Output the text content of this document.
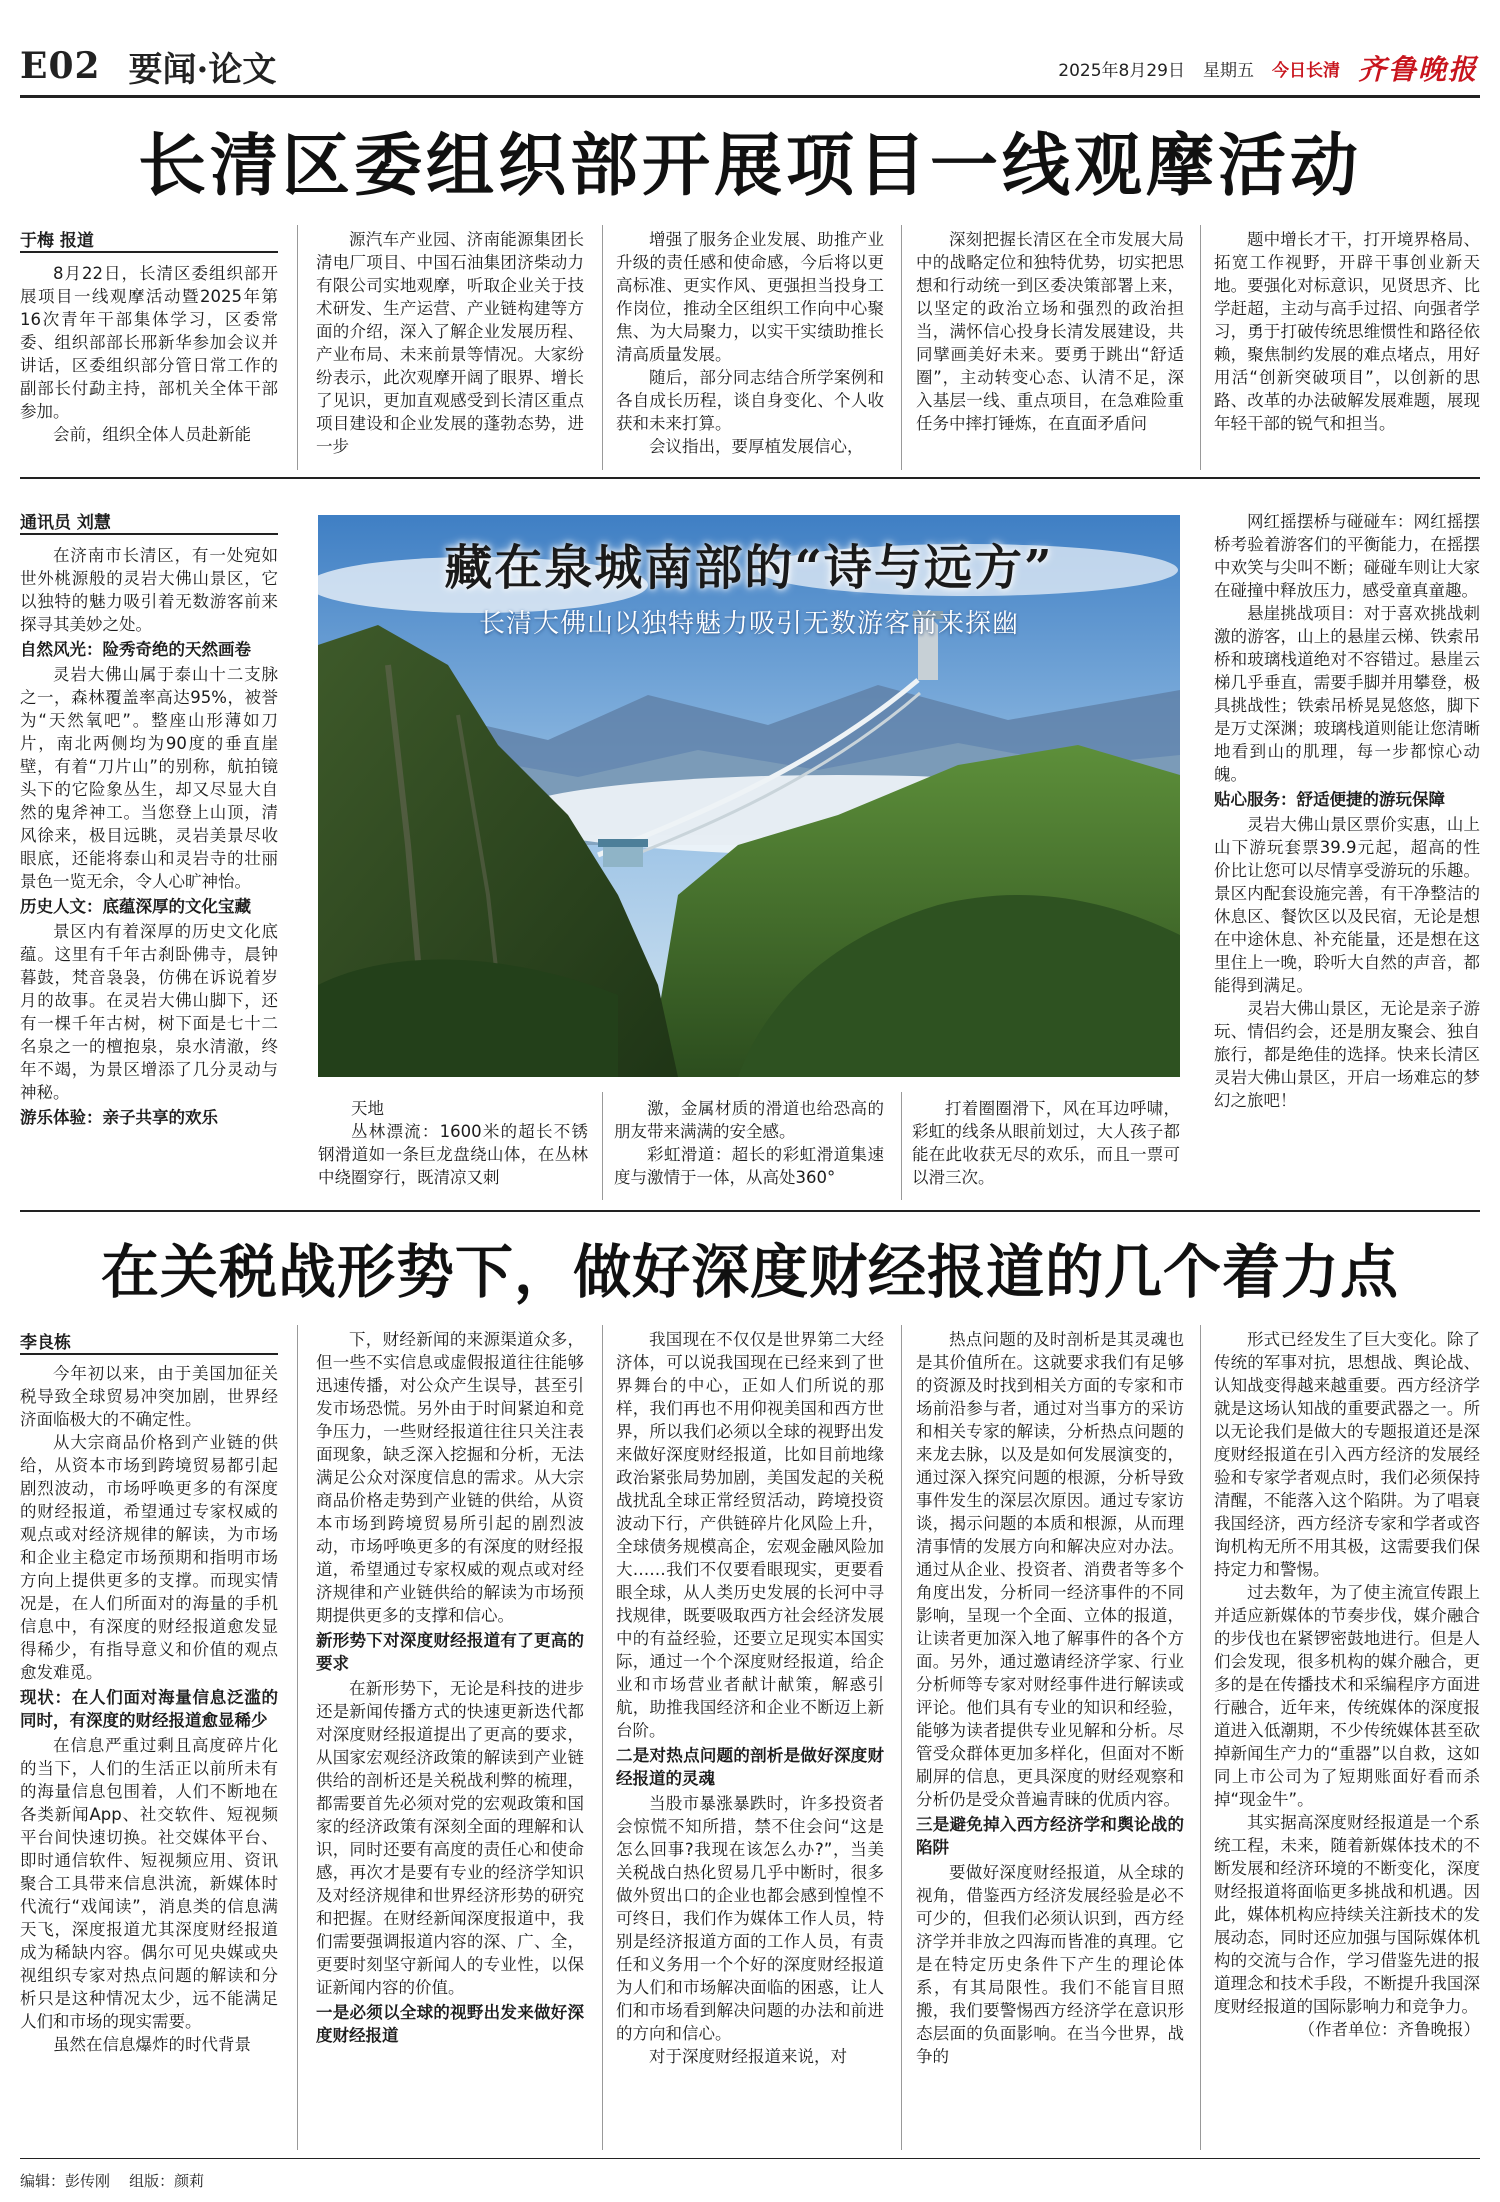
E02 要闻·论文	2025年8月29日 星期五 今日长清 齐鲁晚报
长清区委组织部开展项目一线观摩活动
于梅 报道

8月22日，长清区委组织部开展项目一线观摩活动暨2025年第16次青年干部集体学习，区委常委、组织部部长邢新华参加会议并讲话，区委组织部分管日常工作的副部长付勐主持，部机关全体干部参加。

会前，组织全体人员赴新能

源汽车产业园、济南能源集团长清电厂项目、中国石油集团济柴动力有限公司实地观摩，听取企业关于技术研发、生产运营、产业链构建等方面的介绍，深入了解企业发展历程、产业布局、未来前景等情况。大家纷纷表示，此次观摩开阔了眼界、增长了见识，更加直观感受到长清区重点项目建设和企业发展的蓬勃态势，进一步

增强了服务企业发展、助推产业升级的责任感和使命感，今后将以更高标准、更实作风、更强担当投身工作岗位，推动全区组织工作向中心聚焦、为大局聚力，以实干实绩助推长清高质量发展。

随后，部分同志结合所学案例和各自成长历程，谈自身变化、个人收获和未来打算。

会议指出，要厚植发展信心，

深刻把握长清区在全市发展大局中的战略定位和独特优势，切实把思想和行动统一到区委决策部署上来，以坚定的政治立场和强烈的政治担当，满怀信心投身长清发展建设，共同擘画美好未来。要勇于跳出“舒适圈”，主动转变心态、认清不足，深入基层一线、重点项目，在急难险重任务中摔打锤炼，在直面矛盾问

题中增长才干，打开境界格局、拓宽工作视野，开辟干事创业新天地。要强化对标意识，见贤思齐、比学赶超，主动与高手过招、向强者学习，勇于打破传统思维惯性和路径依赖，聚焦制约发展的难点堵点，用好用活“创新突破项目”，以创新的思路、改革的办法破解发展难题，展现年轻干部的锐气和担当。

通讯员 刘慧

在济南市长清区，有一处宛如世外桃源般的灵岩大佛山景区，它以独特的魅力吸引着无数游客前来探寻其美妙之处。

自然风光：险秀奇绝的天然画卷

灵岩大佛山属于泰山十二支脉之一，森林覆盖率高达95%，被誉为“天然氧吧”。整座山形薄如刀片，南北两侧均为90度的垂直崖壁，有着“刀片山”的别称，航拍镜头下的它险象丛生，却又尽显大自然的鬼斧神工。当您登上山顶，清风徐来，极目远眺，灵岩美景尽收眼底，还能将泰山和灵岩寺的壮丽景色一览无余，令人心旷神怡。

历史人文：底蕴深厚的文化宝藏

景区内有着深厚的历史文化底蕴。这里有千年古刹卧佛寺，晨钟暮鼓，梵音袅袅，仿佛在诉说着岁月的故事。在灵岩大佛山脚下，还有一棵千年古树，树下面是七十二名泉之一的檀抱泉，泉水清澈，终年不竭，为景区增添了几分灵动与神秘。

游乐体验：亲子共享的欢乐

藏在泉城南部的“诗与远方”
长清大佛山以独特魅力吸引无数游客前来探幽

天地

丛林漂流：1600米的超长不锈钢滑道如一条巨龙盘绕山体，在丛林中绕圈穿行，既清凉又刺

激，金属材质的滑道也给恐高的朋友带来满满的安全感。

彩虹滑道：超长的彩虹滑道集速度与激情于一体，从高处360°

打着圈圈滑下，风在耳边呼啸，彩虹的线条从眼前划过，大人孩子都能在此收获无尽的欢乐，而且一票可以滑三次。

网红摇摆桥与碰碰车：网红摇摆桥考验着游客们的平衡能力，在摇摆中欢笑与尖叫不断；碰碰车则让大家在碰撞中释放压力，感受童真童趣。

悬崖挑战项目：对于喜欢挑战刺激的游客，山上的悬崖云梯、铁索吊桥和玻璃栈道绝对不容错过。悬崖云梯几乎垂直，需要手脚并用攀登，极具挑战性；铁索吊桥晃晃悠悠，脚下是万丈深渊；玻璃栈道则能让您清晰地看到山的肌理，每一步都惊心动魄。

贴心服务：舒适便捷的游玩保障

灵岩大佛山景区票价实惠，山上山下游玩套票39.9元起，超高的性价比让您可以尽情享受游玩的乐趣。景区内配套设施完善，有干净整洁的休息区、餐饮区以及民宿，无论是想在中途休息、补充能量，还是想在这里住上一晚，聆听大自然的声音，都能得到满足。

灵岩大佛山景区，无论是亲子游玩、情侣约会，还是朋友聚会、独自旅行，都是绝佳的选择。快来长清区灵岩大佛山景区，开启一场难忘的梦幻之旅吧！

在关税战形势下，做好深度财经报道的几个着力点
李良栋

今年初以来，由于美国加征关税导致全球贸易冲突加剧，世界经济面临极大的不确定性。

从大宗商品价格到产业链的供给，从资本市场到跨境贸易都引起剧烈波动，市场呼唤更多的有深度的财经报道，希望通过专家权威的观点或对经济规律的解读，为市场和企业主稳定市场预期和指明市场方向上提供更多的支撑。而现实情况是，在人们所面对的海量的手机信息中，有深度的财经报道愈发显得稀少，有指导意义和价值的观点愈发难觅。

现状：在人们面对海量信息泛滥的同时，有深度的财经报道愈显稀少

在信息严重过剩且高度碎片化的当下，人们的生活正以前所未有的海量信息包围着，人们不断地在各类新闻App、社交软件、短视频平台间快速切换。社交媒体平台、即时通信软件、短视频应用、资讯聚合工具带来信息洪流，新媒体时代流行“戏闻读”，消息类的信息满天飞，深度报道尤其深度财经报道成为稀缺内容。偶尔可见央媒或央视组织专家对热点问题的解读和分析只是这种情况太少，远不能满足人们和市场的现实需要。

虽然在信息爆炸的时代背景

下，财经新闻的来源渠道众多，但一些不实信息或虚假报道往往能够迅速传播，对公众产生误导，甚至引发市场恐慌。另外由于时间紧迫和竞争压力，一些财经报道往往只关注表面现象，缺乏深入挖掘和分析，无法满足公众对深度信息的需求。从大宗商品价格走势到产业链的供给，从资本市场到跨境贸易所引起的剧烈波动，市场呼唤更多的有深度的财经报道，希望通过专家权威的观点或对经济规律和产业链供给的解读为市场预期提供更多的支撑和信心。

新形势下对深度财经报道有了更高的要求

在新形势下，无论是科技的进步还是新闻传播方式的快速更新迭代都对深度财经报道提出了更高的要求，从国家宏观经济政策的解读到产业链供给的剖析还是关税战利弊的梳理，都需要首先必须对党的宏观政策和国家的经济政策有深刻全面的理解和认识，同时还要有高度的责任心和使命感，再次才是要有专业的经济学知识及对经济规律和世界经济形势的研究和把握。在财经新闻深度报道中，我们需要强调报道内容的深、广、全，更要时刻坚守新闻人的专业性，以保证新闻内容的价值。

一是必须以全球的视野出发来做好深度财经报道

我国现在不仅仅是世界第二大经济体，可以说我国现在已经来到了世界舞台的中心，正如人们所说的那样，我们再也不用仰视美国和西方世界，所以我们必须以全球的视野出发来做好深度财经报道，比如目前地缘政治紧张局势加剧，美国发起的关税战扰乱全球正常经贸活动，跨境投资波动下行，产供链碎片化风险上升，全球债务规模高企，宏观金融风险加大……我们不仅要看眼现实，更要看眼全球，从人类历史发展的长河中寻找规律，既要吸取西方社会经济发展中的有益经验，还要立足现实本国实际，通过一个个深度财经报道，给企业和市场营业者献计献策，解惑引航，助推我国经济和企业不断迈上新台阶。

二是对热点问题的剖析是做好深度财经报道的灵魂

当股市暴涨暴跌时，许多投资者会惊慌不知所措，禁不住会问“这是怎么回事?我现在该怎么办?”，当美关税战白热化贸易几乎中断时，很多做外贸出口的企业也都会感到惶惶不可终日，我们作为媒体工作人员，特别是经济报道方面的工作人员，有责任和义务用一个个好的深度财经报道为人们和市场解决面临的困惑，让人们和市场看到解决问题的办法和前进的方向和信心。

对于深度财经报道来说，对

热点问题的及时剖析是其灵魂也是其价值所在。这就要求我们有足够的资源及时找到相关方面的专家和市场前沿参与者，通过对当事方的采访和相关专家的解读，分析热点问题的来龙去脉，以及是如何发展演变的，通过深入探究问题的根源，分析导致事件发生的深层次原因。通过专家访谈，揭示问题的本质和根源，从而理清事情的发展方向和解决应对办法。通过从企业、投资者、消费者等多个角度出发，分析同一经济事件的不同影响，呈现一个全面、立体的报道，让读者更加深入地了解事件的各个方面。另外，通过邀请经济学家、行业分析师等专家对财经事件进行解读或评论。他们具有专业的知识和经验，能够为读者提供专业见解和分析。尽管受众群体更加多样化，但面对不断刷屏的信息，更具深度的财经观察和分析仍是受众普遍青睐的优质内容。

三是避免掉入西方经济学和舆论战的陷阱

要做好深度财经报道，从全球的视角，借鉴西方经济发展经验是必不可少的，但我们必须认识到，西方经济学并非放之四海而皆准的真理。它是在特定历史条件下产生的理论体系，有其局限性。我们不能盲目照搬，我们要警惕西方经济学在意识形态层面的负面影响。在当今世界，战争的

形式已经发生了巨大变化。除了传统的军事对抗，思想战、舆论战、认知战变得越来越重要。西方经济学就是这场认知战的重要武器之一。所以无论我们是做大的专题报道还是深度财经报道在引入西方经济的发展经验和专家学者观点时，我们必须保持清醒，不能落入这个陷阱。为了唱衰我国经济，西方经济专家和学者或咨询机构无所不用其极，这需要我们保持定力和警惕。

过去数年，为了使主流宣传跟上并适应新媒体的节奏步伐，媒介融合的步伐也在紧锣密鼓地进行。但是人们会发现，很多机构的媒介融合，更多的是在传播技术和采编程序方面进行融合，近年来，传统媒体的深度报道进入低潮期，不少传统媒体甚至砍掉新闻生产力的“重器”以自救，这如同上市公司为了短期账面好看而杀掉“现金牛”。

其实据高深度财经报道是一个系统工程，未来，随着新媒体技术的不断发展和经济环境的不断变化，深度财经报道将面临更多挑战和机遇。因此，媒体机构应持续关注新技术的发展动态，同时还应加强与国际媒体机构的交流与合作，学习借鉴先进的报道理念和技术手段，不断提升我国深度财经报道的国际影响力和竞争力。

（作者单位：齐鲁晚报）

编辑：彭传刚 组版：颜莉
